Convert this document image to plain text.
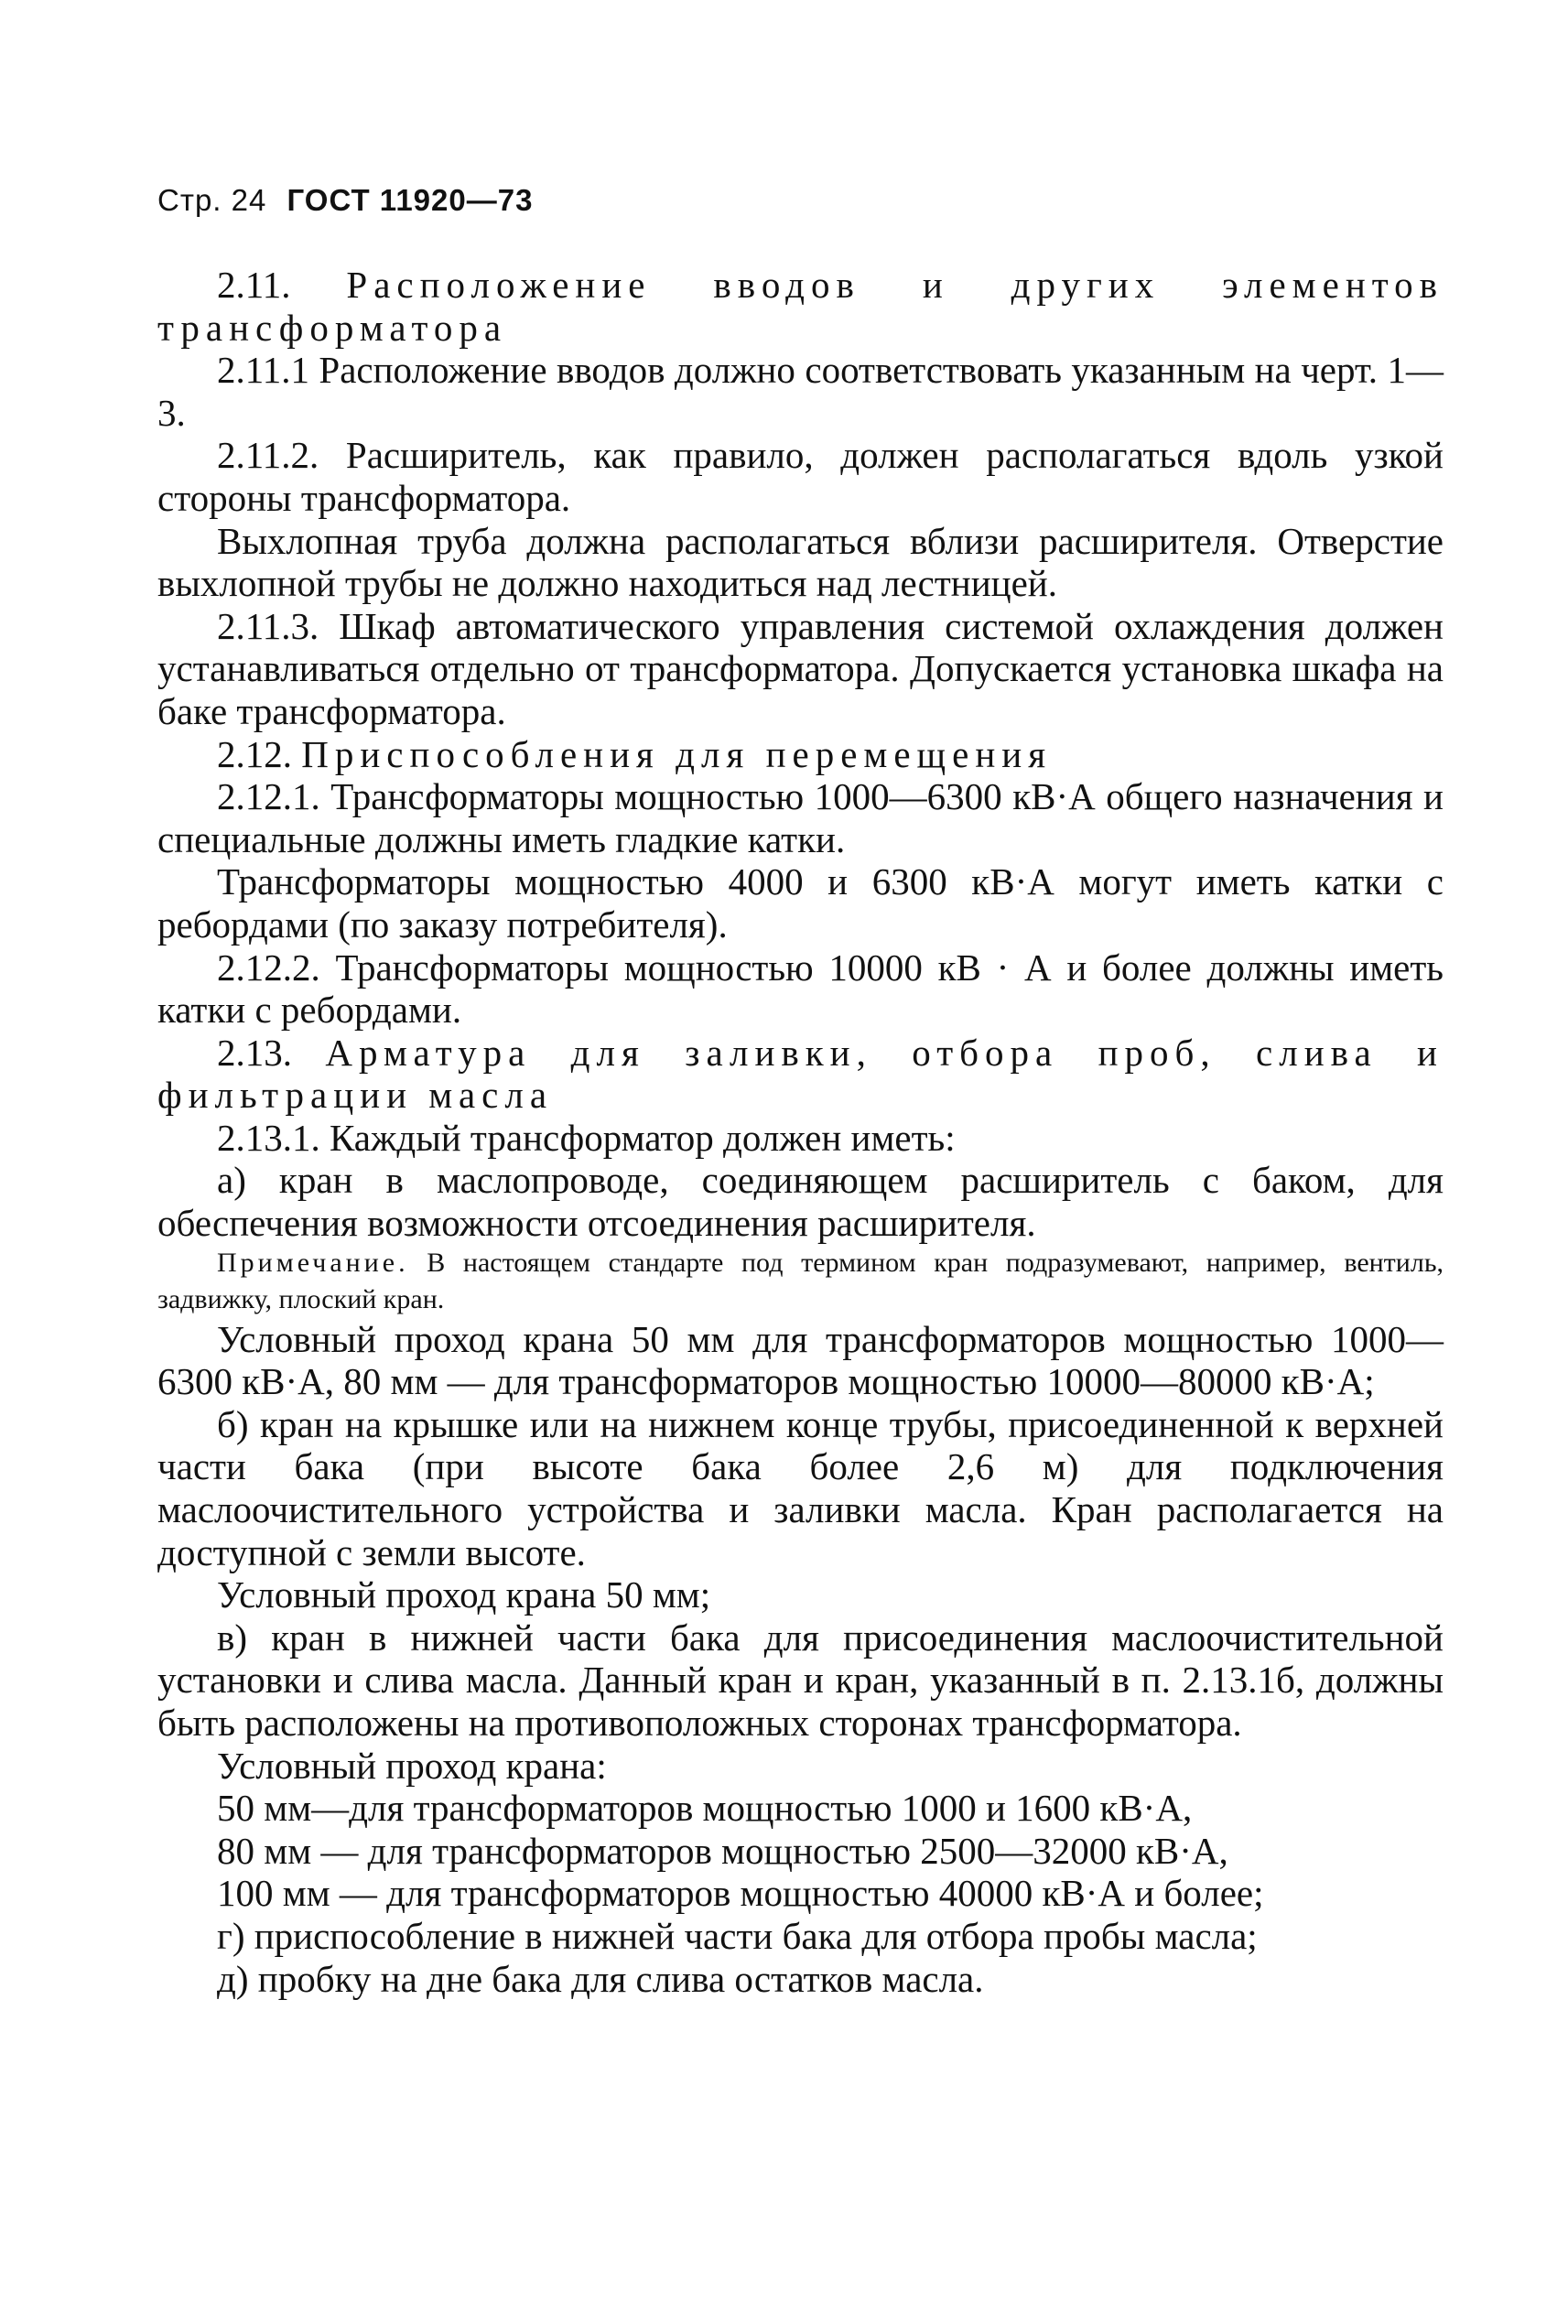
Стр. 24 ГОСТ 11920—73

2.11. Расположение вводов и других элементов трансформатора

2.11.1 Расположение вводов должно соответствовать указанным на черт. 1—3.

2.11.2. Расширитель, как правило, должен располагаться вдоль узкой стороны трансформатора.

Выхлопная труба должна располагаться вблизи расширителя. Отверстие выхлопной трубы не должно находиться над лестницей.

2.11.3. Шкаф автоматического управления системой охлаждения должен устанавливаться отдельно от трансформатора. Допускается установка шкафа на баке трансформатора.

2.12. Приспособления для перемещения

2.12.1. Трансформаторы мощностью 1000—6300 кВ·А общего назначения и специальные должны иметь гладкие катки.

Трансформаторы мощностью 4000 и 6300 кВ·А могут иметь катки с ребордами (по заказу потребителя).

2.12.2. Трансформаторы мощностью 10000 кВ · А и более должны иметь катки с ребордами.

2.13. Арматура для заливки, отбора проб, слива и фильтрации масла

2.13.1. Каждый трансформатор должен иметь:

а) кран в маслопроводе, соединяющем расширитель с баком, для обеспечения возможности отсоединения расширителя.

Примечание. В настоящем стандарте под термином кран подразумевают, например, вентиль, задвижку, плоский кран.

Условный проход крана 50 мм для трансформаторов мощностью 1000—6300 кВ·А, 80 мм — для трансформаторов мощностью 10000—80000 кВ·А;

б) кран на крышке или на нижнем конце трубы, присоединенной к верхней части бака (при высоте бака более 2,6 м) для подключения маслоочистительного устройства и заливки масла. Кран располагается на доступной с земли высоте.

Условный проход крана 50 мм;

в) кран в нижней части бака для присоединения маслоочистительной установки и слива масла. Данный кран и кран, указанный в п. 2.13.1б, должны быть расположены на противоположных сторонах трансформатора.

Условный проход крана:

50 мм—для трансформаторов мощностью 1000 и 1600 кВ·А,

80 мм — для трансформаторов мощностью 2500—32000 кВ·А,

100 мм — для трансформаторов мощностью 40000 кВ·А и более;

г) приспособление в нижней части бака для отбора пробы масла;

д) пробку на дне бака для слива остатков масла.
